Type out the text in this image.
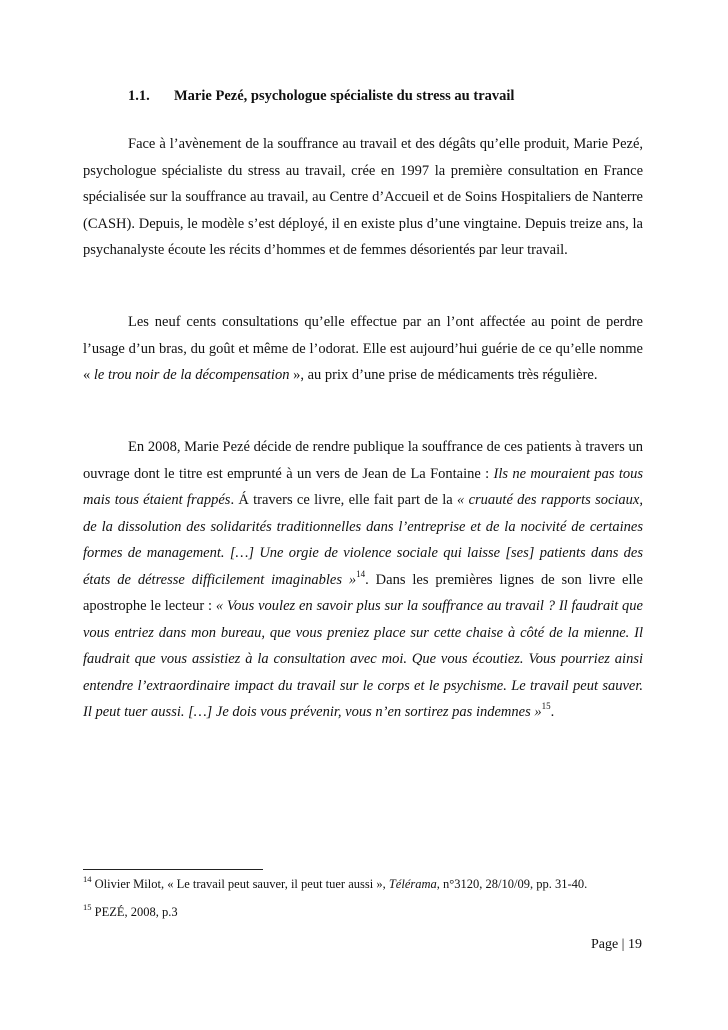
1.1. Marie Pezé, psychologue spécialiste du stress au travail

Face à l’avènement de la souffrance au travail et des dégâts qu’elle produit, Marie Pezé, psychologue spécialiste du stress au travail, crée en 1997 la première consultation en France spécialisée sur la souffrance au travail, au Centre d’Accueil et de Soins Hospitaliers de Nanterre (CASH). Depuis, le modèle s’est déployé, il en existe plus d’une vingtaine. Depuis treize ans, la psychanalyste écoute les récits d’hommes et de femmes désorientés par leur travail.

Les neuf cents consultations qu’elle effectue par an l’ont affectée au point de perdre l’usage d’un bras, du goût et même de l’odorat. Elle est aujourd’hui guérie de ce qu’elle nomme « le trou noir de la décompensation », au prix d’une prise de médicaments très régulière.

En 2008, Marie Pezé décide de rendre publique la souffrance de ces patients à travers un ouvrage dont le titre est emprunté à un vers de Jean de La Fontaine : Ils ne mouraient pas tous mais tous étaient frappés. Á travers ce livre, elle fait part de la « cruauté des rapports sociaux, de la dissolution des solidarités traditionnelles dans l’entreprise et de la nocivité de certaines formes de management. […] Une orgie de violence sociale qui laisse [ses] patients dans des états de détresse difficilement imaginables »$^{14}$. Dans les premières lignes de son livre elle apostrophe le lecteur : « Vous voulez en savoir plus sur la souffrance au travail ? Il faudrait que vous entriez dans mon bureau, que vous preniez place sur cette chaise à côté de la mienne. Il faudrait que vous assistiez à la consultation avec moi. Que vous écoutiez. Vous pourriez ainsi entendre l’extraordinaire impact du travail sur le corps et le psychisme. Le travail peut sauver. Il peut tuer aussi. […] Je dois vous prévenir, vous n’en sortirez pas indemnes »$^{15}$.

$^{14}$ Olivier Milot, « Le travail peut sauver, il peut tuer aussi », Télérama, n°3120, 28/10/09, pp. 31-40.
$^{15}$ PEZÉ, 2008, p.3
Page | 19
